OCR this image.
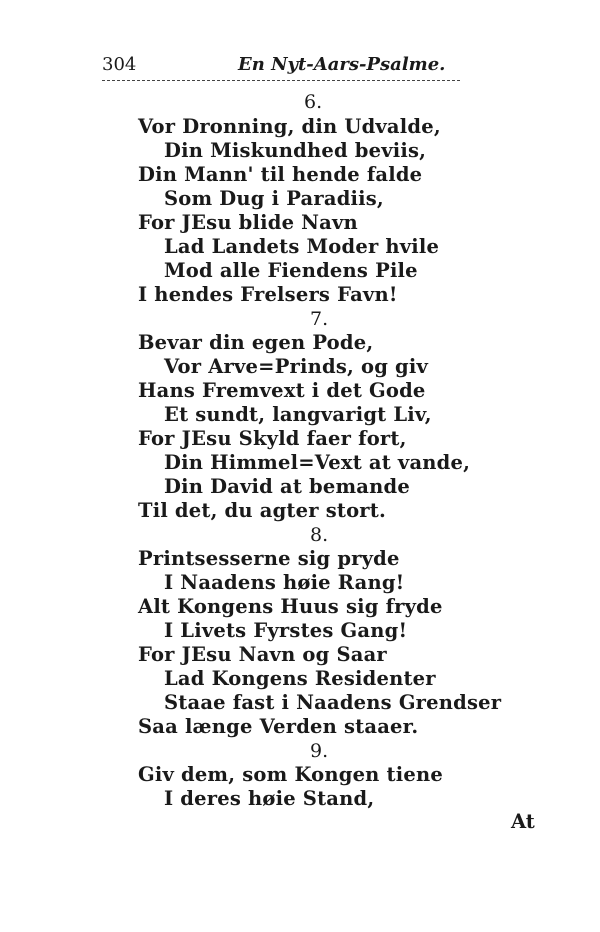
304	En Nyt-Aars-Psalme.
6.
Vor Dronning, din Udvalde,
Din Miskundhed beviis,
Din Mann' til hende falde
Som Dug i Paradiis,
For JEsu blide Navn
Lad Landets Moder hvile
Mod alle Fiendens Pile
I hendes Frelsers Favn!
7.
Bevar din egen Pode,
Vor Arve=Prinds, og giv
Hans Fremvext i det Gode
Et sundt, langvarigt Liv,
For JEsu Skyld faer fort,
Din Himmel=Vext at vande,
Din David at bemande
Til det, du agter stort.
8.
Printsesserne sig pryde
I Naadens høie Rang!
Alt Kongens Huus sig fryde
I Livets Fyrstes Gang!
For JEsu Navn og Saar
Lad Kongens Residenter
Staae fast i Naadens Grendser
Saa længe Verden staaer.
9.
Giv dem, som Kongen tiene
I deres høie Stand,
At
